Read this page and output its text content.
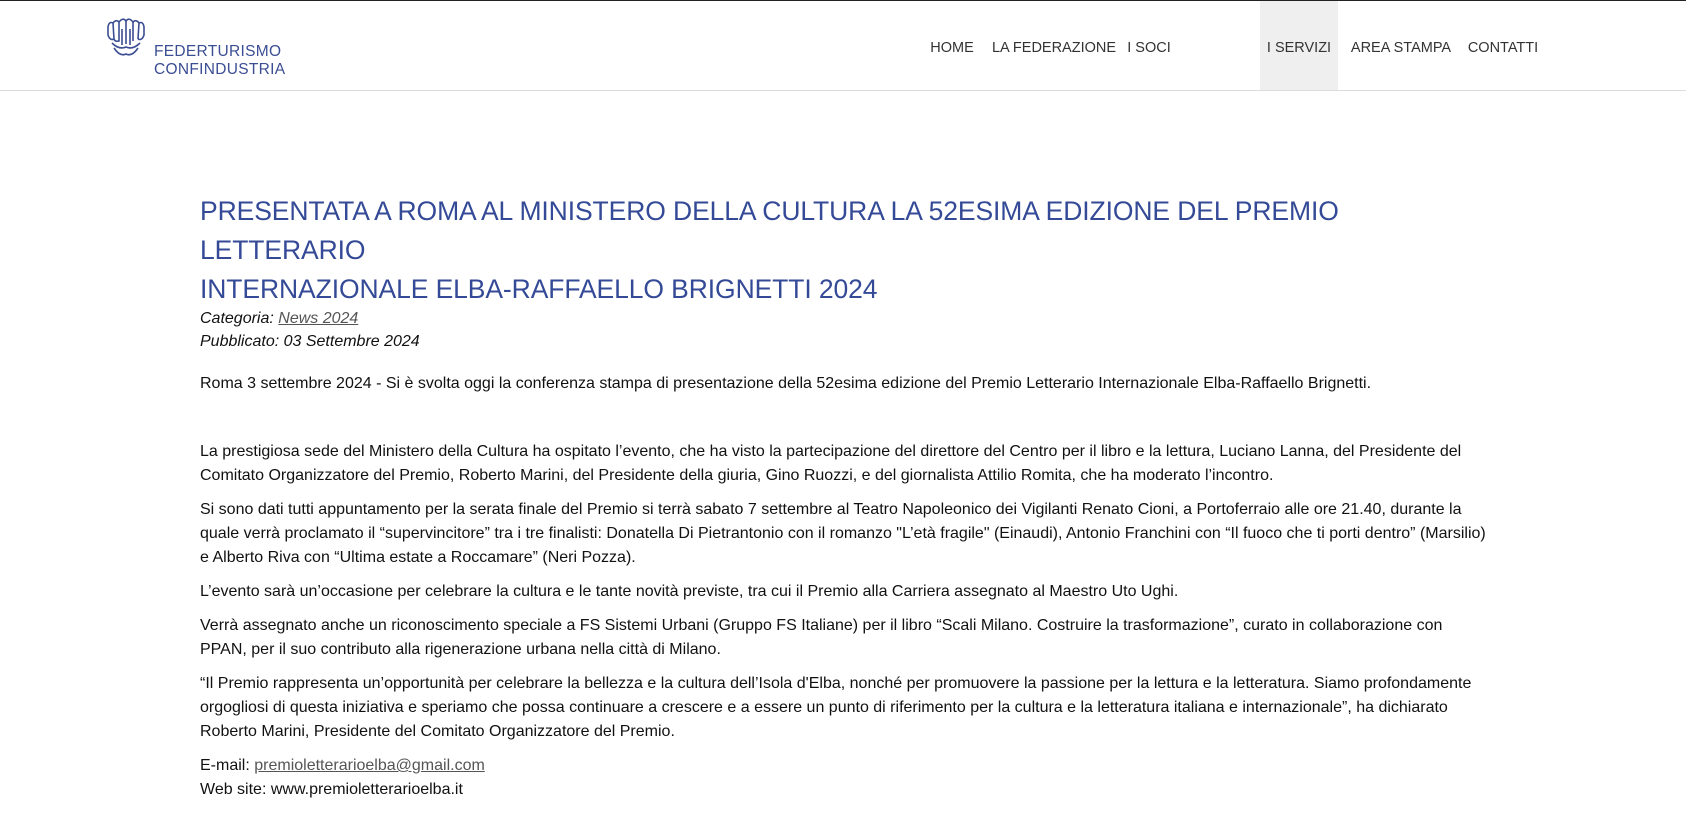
FEDERTURISMO
CONFINDUSTRIA
HOME	LA FEDERAZIONE I SOCI	I SERVIZI	AREA STAMPA	CONTATTI
PRESENTATA A ROMA AL MINISTERO DELLA CULTURA LA 52ESIMA EDIZIONE DEL PREMIO LETTERARIO
INTERNAZIONALE ELBA-RAFFAELLO BRIGNETTI 2024
Categoria: News 2024
Pubblicato: 03 Settembre 2024

Roma 3 settembre 2024 - Si è svolta oggi la conferenza stampa di presentazione della 52esima edizione del Premio Letterario Internazionale Elba-Raffaello Brignetti.

La prestigiosa sede del Ministero della Cultura ha ospitato l’evento, che ha visto la partecipazione del direttore del Centro per il libro e la lettura, Luciano Lanna, del Presidente del Comitato Organizzatore del Premio, Roberto Marini, del Presidente della giuria, Gino Ruozzi, e del giornalista Attilio Romita, che ha moderato l’incontro.

Si sono dati tutti appuntamento per la serata finale del Premio si terrà sabato 7 settembre al Teatro Napoleonico dei Vigilanti Renato Cioni, a Portoferraio alle ore 21.40, durante la quale verrà proclamato il “supervincitore” tra i tre finalisti: Donatella Di Pietrantonio con il romanzo "L’età fragile" (Einaudi), Antonio Franchini con “Il fuoco che ti porti dentro” (Marsilio) e Alberto Riva con “Ultima estate a Roccamare” (Neri Pozza).

L’evento sarà un’occasione per celebrare la cultura e le tante novità previste, tra cui il Premio alla Carriera assegnato al Maestro Uto Ughi.

Verrà assegnato anche un riconoscimento speciale a FS Sistemi Urbani (Gruppo FS Italiane) per il libro “Scali Milano. Costruire la trasformazione”, curato in collaborazione con PPAN, per il suo contributo alla rigenerazione urbana nella città di Milano.

“Il Premio rappresenta un’opportunità per celebrare la bellezza e la cultura dell’Isola d'Elba, nonché per promuovere la passione per la lettura e la letteratura. Siamo profondamente orgogliosi di questa iniziativa e speriamo che possa continuare a crescere e a essere un punto di riferimento per la cultura e la letteratura italiana e internazionale”, ha dichiarato Roberto Marini, Presidente del Comitato Organizzatore del Premio.

E-mail: premioletterarioelba@gmail.com
Web site: www.premioletterarioelba.it
